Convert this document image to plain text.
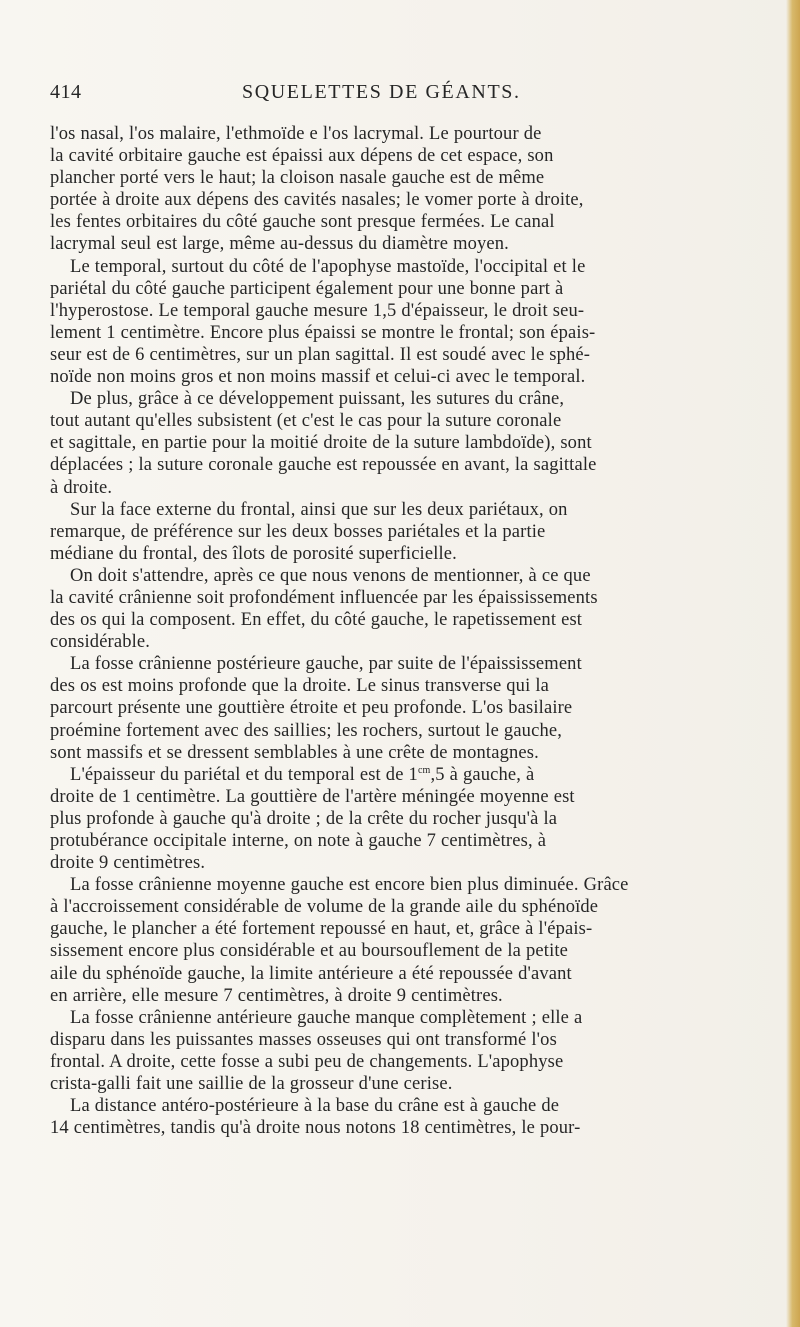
414	SQUELETTES DE GÉANTS.
l'os nasal, l'os malaire, l'ethmoïde e l'os lacrymal. Le pourtour de
la cavité orbitaire gauche est épaissi aux dépens de cet espace, son
plancher porté vers le haut; la cloison nasale gauche est de même
portée à droite aux dépens des cavités nasales; le vomer porte à droite,
les fentes orbitaires du côté gauche sont presque fermées. Le canal
lacrymal seul est large, même au-dessus du diamètre moyen.
Le temporal, surtout du côté de l'apophyse mastoïde, l'occipital et le
pariétal du côté gauche participent également pour une bonne part à
l'hyperostose. Le temporal gauche mesure 1,5 d'épaisseur, le droit seu-
lement 1 centimètre. Encore plus épaissi se montre le frontal; son épais-
seur est de 6 centimètres, sur un plan sagittal. Il est soudé avec le sphé-
noïde non moins gros et non moins massif et celui-ci avec le temporal.
De plus, grâce à ce développement puissant, les sutures du crâne,
tout autant qu'elles subsistent (et c'est le cas pour la suture coronale
et sagittale, en partie pour la moitié droite de la suture lambdoïde), sont
déplacées ; la suture coronale gauche est repoussée en avant, la sagittale
à droite.
Sur la face externe du frontal, ainsi que sur les deux pariétaux, on
remarque, de préférence sur les deux bosses pariétales et la partie
médiane du frontal, des îlots de porosité superficielle.
On doit s'attendre, après ce que nous venons de mentionner, à ce que
la cavité crânienne soit profondément influencée par les épaississements
des os qui la composent. En effet, du côté gauche, le rapetissement est
considérable.
La fosse crânienne postérieure gauche, par suite de l'épaississement
des os est moins profonde que la droite. Le sinus transverse qui la
parcourt présente une gouttière étroite et peu profonde. L'os basilaire
proémine fortement avec des saillies; les rochers, surtout le gauche,
sont massifs et se dressent semblables à une crête de montagnes.
L'épaisseur du pariétal et du temporal est de $1^{cm},5$ à gauche, à
droite de 1 centimètre. La gouttière de l'artère méningée moyenne est
plus profonde à gauche qu'à droite ; de la crête du rocher jusqu'à la
protubérance occipitale interne, on note à gauche 7 centimètres, à
droite 9 centimètres.
La fosse crânienne moyenne gauche est encore bien plus diminuée. Grâce
à l'accroissement considérable de volume de la grande aile du sphénoïde
gauche, le plancher a été fortement repoussé en haut, et, grâce à l'épais-
sissement encore plus considérable et au boursouflement de la petite
aile du sphénoïde gauche, la limite antérieure a été repoussée d'avant
en arrière, elle mesure 7 centimètres, à droite 9 centimètres.
La fosse crânienne antérieure gauche manque complètement ; elle a
disparu dans les puissantes masses osseuses qui ont transformé l'os
frontal. A droite, cette fosse a subi peu de changements. L'apophyse
crista-galli fait une saillie de la grosseur d'une cerise.
La distance antéro-postérieure à la base du crâne est à gauche de
14 centimètres, tandis qu'à droite nous notons 18 centimètres, le pour-
